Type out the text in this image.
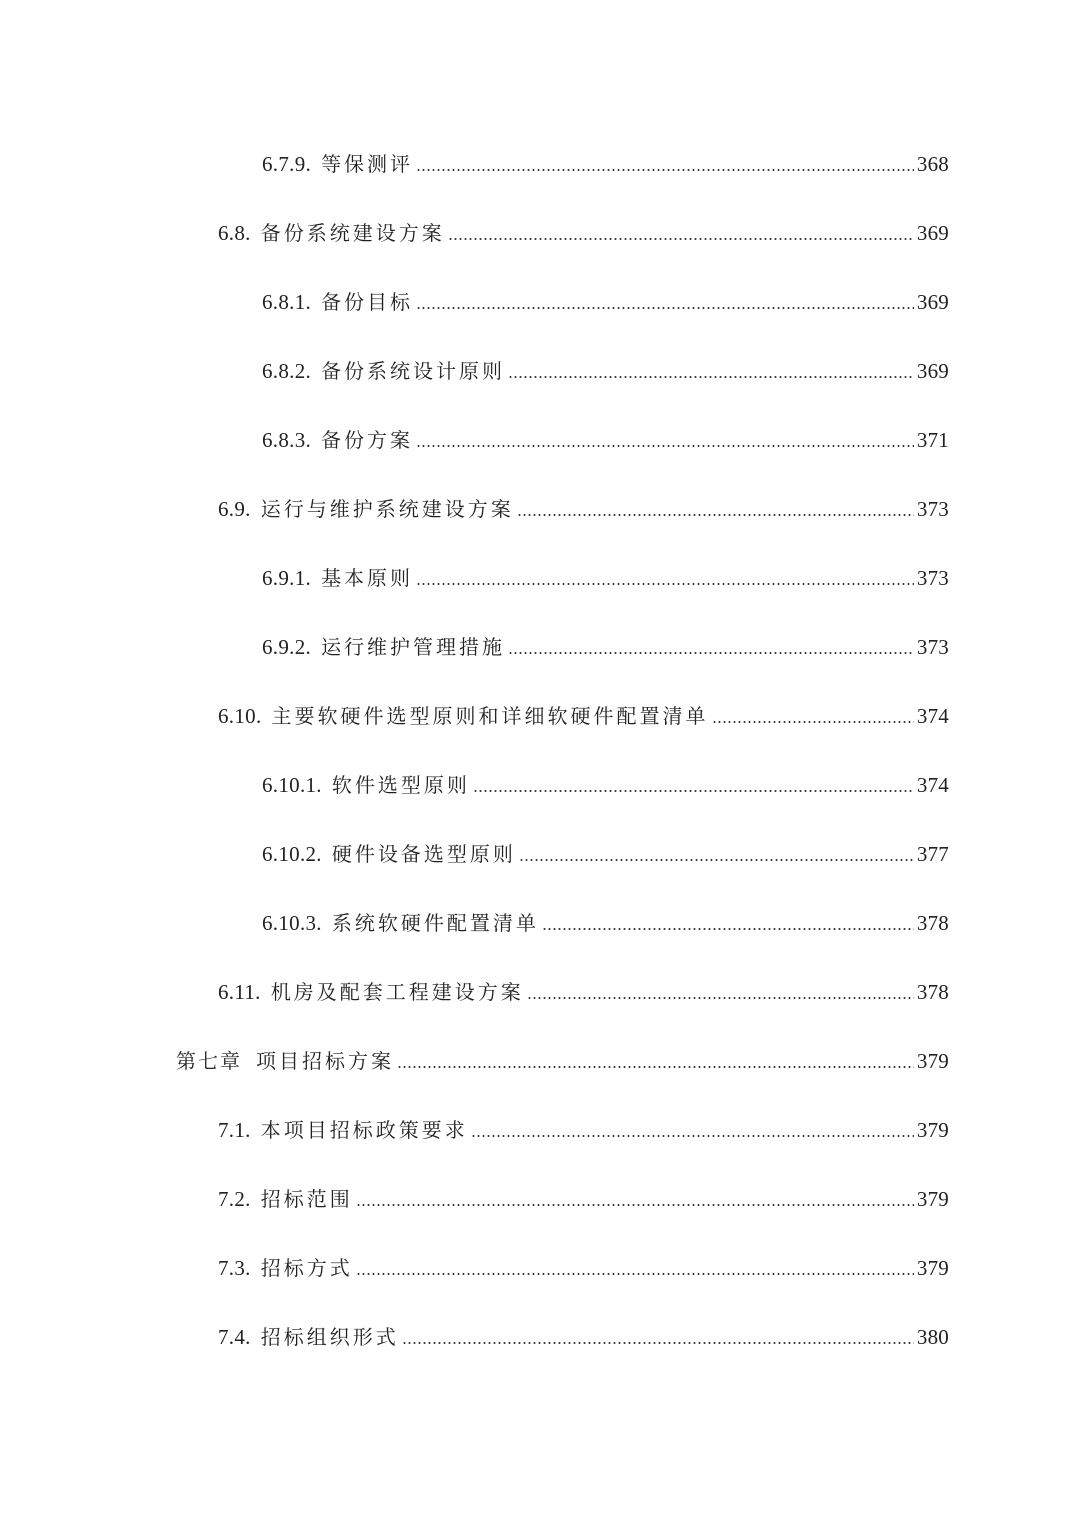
6.7.9. 等保测评	368
6.8. 备份系统建设方案	369
6.8.1. 备份目标	369
6.8.2. 备份系统设计原则	369
6.8.3. 备份方案	371
6.9. 运行与维护系统建设方案	373
6.9.1. 基本原则	373
6.9.2. 运行维护管理措施	373
6.10. 主要软硬件选型原则和详细软硬件配置清单	374
6.10.1. 软件选型原则	374
6.10.2. 硬件设备选型原则	377
6.10.3. 系统软硬件配置清单	378
6.11. 机房及配套工程建设方案	378
第七章 项目招标方案	379
7.1. 本项目招标政策要求	379
7.2. 招标范围	379
7.3. 招标方式	379
7.4. 招标组织形式	380
